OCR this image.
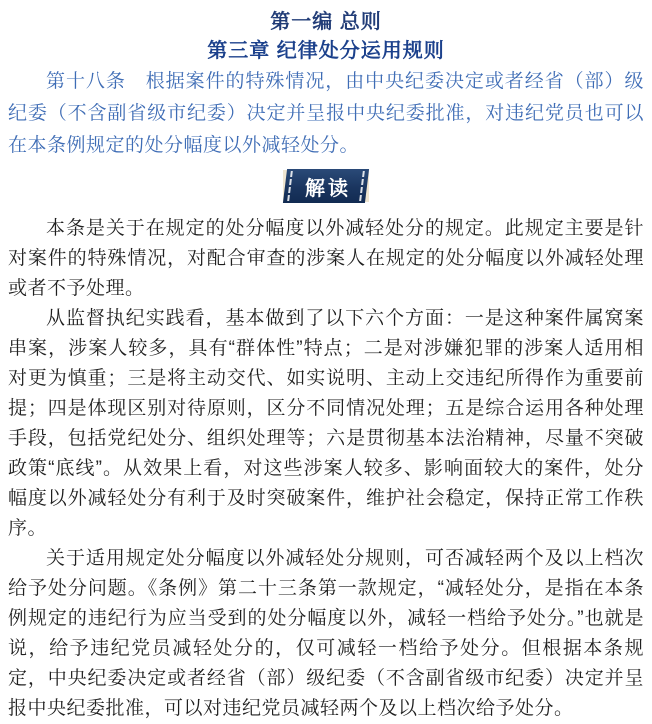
第一编 总则
第三章 纪律处分运用规则

第十八条　根据案件的特殊情况，由中央纪委决定或者经省（部）级纪委（不含副省级市纪委）决定并呈报中央纪委批准，对违纪党员也可以在本条例规定的处分幅度以外减轻处分。

解读

本条是关于在规定的处分幅度以外减轻处分的规定。此规定主要是针对案件的特殊情况，对配合审查的涉案人在规定的处分幅度以外减轻处理或者不予处理。

从监督执纪实践看，基本做到了以下六个方面：一是这种案件属窝案串案，涉案人较多，具有“群体性”特点；二是对涉嫌犯罪的涉案人适用相对更为慎重；三是将主动交代、如实说明、主动上交违纪所得作为重要前提；四是体现区别对待原则，区分不同情况处理；五是综合运用各种处理手段，包括党纪处分、组织处理等；六是贯彻基本法治精神，尽量不突破政策“底线”。从效果上看，对这些涉案人较多、影响面较大的案件，处分幅度以外减轻处分有利于及时突破案件，维护社会稳定，保持正常工作秩序。

关于适用规定处分幅度以外减轻处分规则，可否减轻两个及以上档次给予处分问题。《条例》第二十三条第一款规定，“减轻处分，是指在本条例规定的违纪行为应当受到的处分幅度以外，减轻一档给予处分。”也就是说，给予违纪党员减轻处分的，仅可减轻一档给予处分。但根据本条规定，中央纪委决定或者经省（部）级纪委（不含副省级市纪委）决定并呈报中央纪委批准，可以对违纪党员减轻两个及以上档次给予处分。
